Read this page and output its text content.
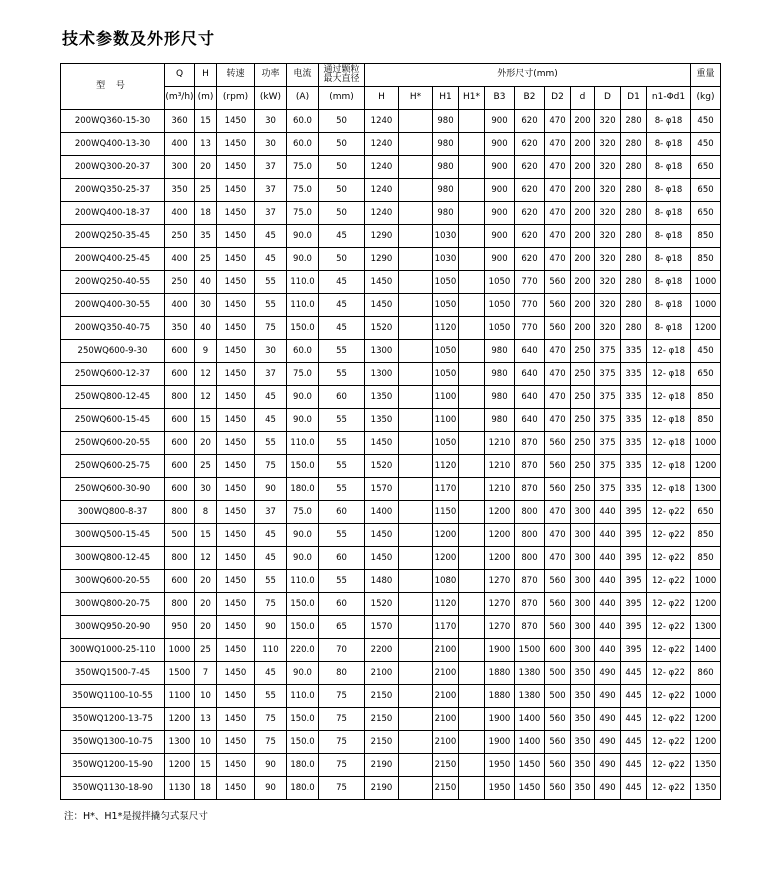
技术参数及外形尺寸
型 号	Q	H	转速	功率	电流	通过颗粒
最大直径	外形尺寸(mm)											重量
	(m³/h)	(m)	(rpm)	(kW)	(A)	(mm)	H	H*	H1	H1*	B3	B2	D2	d	D	D1	n1-Φd1	(kg)
200WQ360-15-30	360	15	1450	30	60.0	50	1240		980		900	620	470	200	320	280	8- φ18	450
200WQ400-13-30	400	13	1450	30	60.0	50	1240		980		900	620	470	200	320	280	8- φ18	450
200WQ300-20-37	300	20	1450	37	75.0	50	1240		980		900	620	470	200	320	280	8- φ18	650
200WQ350-25-37	350	25	1450	37	75.0	50	1240		980		900	620	470	200	320	280	8- φ18	650
200WQ400-18-37	400	18	1450	37	75.0	50	1240		980		900	620	470	200	320	280	8- φ18	650
200WQ250-35-45	250	35	1450	45	90.0	45	1290		1030		900	620	470	200	320	280	8- φ18	850
200WQ400-25-45	400	25	1450	45	90.0	50	1290		1030		900	620	470	200	320	280	8- φ18	850
200WQ250-40-55	250	40	1450	55	110.0	45	1450		1050		1050	770	560	200	320	280	8- φ18	1000
200WQ400-30-55	400	30	1450	55	110.0	45	1450		1050		1050	770	560	200	320	280	8- φ18	1000
200WQ350-40-75	350	40	1450	75	150.0	45	1520		1120		1050	770	560	200	320	280	8- φ18	1200
250WQ600-9-30	600	9	1450	30	60.0	55	1300		1050		980	640	470	250	375	335	12- φ18	450
250WQ600-12-37	600	12	1450	37	75.0	55	1300		1050		980	640	470	250	375	335	12- φ18	650
250WQ800-12-45	800	12	1450	45	90.0	60	1350		1100		980	640	470	250	375	335	12- φ18	850
250WQ600-15-45	600	15	1450	45	90.0	55	1350		1100		980	640	470	250	375	335	12- φ18	850
250WQ600-20-55	600	20	1450	55	110.0	55	1450		1050		1210	870	560	250	375	335	12- φ18	1000
250WQ600-25-75	600	25	1450	75	150.0	55	1520		1120		1210	870	560	250	375	335	12- φ18	1200
250WQ600-30-90	600	30	1450	90	180.0	55	1570		1170		1210	870	560	250	375	335	12- φ18	1300
300WQ800-8-37	800	8	1450	37	75.0	60	1400		1150		1200	800	470	300	440	395	12- φ22	650
300WQ500-15-45	500	15	1450	45	90.0	55	1450		1200		1200	800	470	300	440	395	12- φ22	850
300WQ800-12-45	800	12	1450	45	90.0	60	1450		1200		1200	800	470	300	440	395	12- φ22	850
300WQ600-20-55	600	20	1450	55	110.0	55	1480		1080		1270	870	560	300	440	395	12- φ22	1000
300WQ800-20-75	800	20	1450	75	150.0	60	1520		1120		1270	870	560	300	440	395	12- φ22	1200
300WQ950-20-90	950	20	1450	90	150.0	65	1570		1170		1270	870	560	300	440	395	12- φ22	1300
300WQ1000-25-110	1000	25	1450	110	220.0	70	2200		2100		1900	1500	600	300	440	395	12- φ22	1400
350WQ1500-7-45	1500	7	1450	45	90.0	80	2100		2100		1880	1380	500	350	490	445	12- φ22	860
350WQ1100-10-55	1100	10	1450	55	110.0	75	2150		2100		1880	1380	500	350	490	445	12- φ22	1000
350WQ1200-13-75	1200	13	1450	75	150.0	75	2150		2100		1900	1400	560	350	490	445	12- φ22	1200
350WQ1300-10-75	1300	10	1450	75	150.0	75	2150		2100		1900	1400	560	350	490	445	12- φ22	1200
350WQ1200-15-90	1200	15	1450	90	180.0	75	2190		2150		1950	1450	560	350	490	445	12- φ22	1350
350WQ1130-18-90	1130	18	1450	90	180.0	75	2190		2150		1950	1450	560	350	490	445	12- φ22	1350
注：H*、H1*是搅拌撬匀式泵尺寸
